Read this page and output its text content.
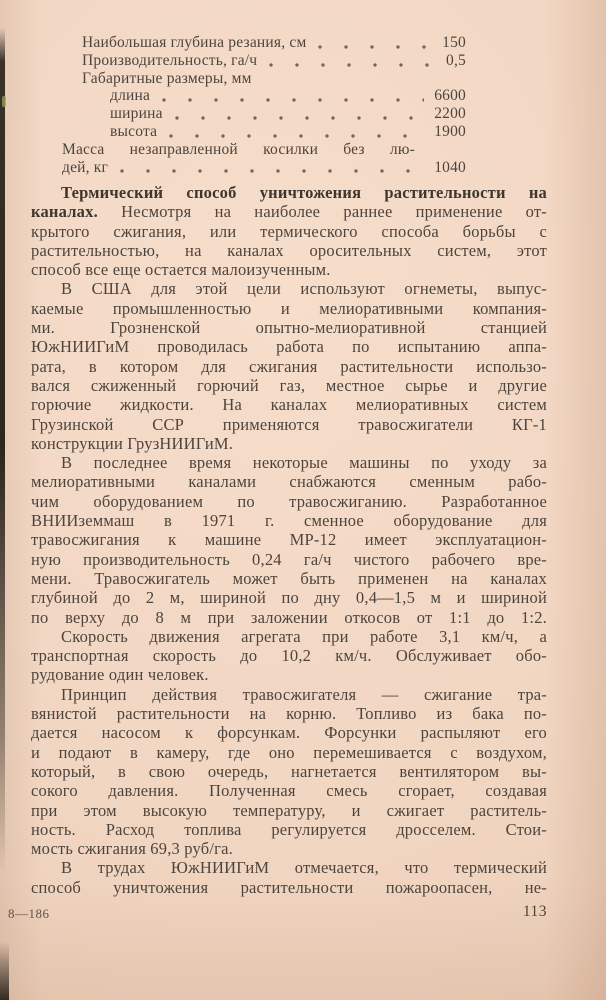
Наибольшая глубина резания, см	150
Производительность, га/ч	0,5
Габаритные размеры, мм
длина	6600
ширина	2200
высота	1900
Масса незаправленной косилки без лю-
дей, кг	1040
Термический способ уничтожения растительности на
каналах. Несмотря на наиболее раннее применение от-
крытого сжигания, или термического способа борьбы с
растительностью, на каналах оросительных систем, этот
способ все еще остается малоизученным.
В США для этой цели используют огнеметы, выпус-
каемые промышленностью и мелиоративными компания-
ми. Грозненской опытно-мелиоративной станцией
ЮжНИИГиМ проводилась работа по испытанию аппа-
рата, в котором для сжигания растительности использо-
вался сжиженный горючий газ, местное сырье и другие
горючие жидкости. На каналах мелиоративных систем
Грузинской ССР применяются травосжигатели КГ-1
конструкции ГрузНИИГиМ.
В последнее время некоторые машины по уходу за
мелиоративными каналами снабжаются сменным рабо-
чим оборудованием по травосжиганию. Разработанное
ВНИИземмаш в 1971 г. сменное оборудование для
травосжигания к машине МР-12 имеет эксплуатацион-
ную производительность 0,24 га/ч чистого рабочего вре-
мени. Травосжигатель может быть применен на каналах
глубиной до 2 м, шириной по дну 0,4—1,5 м и шириной
по верху до 8 м при заложении откосов от 1:1 до 1:2.
Скорость движения агрегата при работе 3,1 км/ч, а
транспортная скорость до 10,2 км/ч. Обслуживает обо-
рудование один человек.
Принцип действия травосжигателя — сжигание тра-
вянистой растительности на корню. Топливо из бака по-
дается насосом к форсункам. Форсунки распыляют его
и подают в камеру, где оно перемешивается с воздухом,
который, в свою очередь, нагнетается вентилятором вы-
сокого давления. Полученная смесь сгорает, создавая
при этом высокую температуру, и сжигает раститель-
ность. Расход топлива регулируется дросселем. Стои-
мость сжигания 69,3 руб/га.
В трудах ЮжНИИГиМ отмечается, что термический
способ уничтожения растительности пожароопасен, не-
8—186	113
